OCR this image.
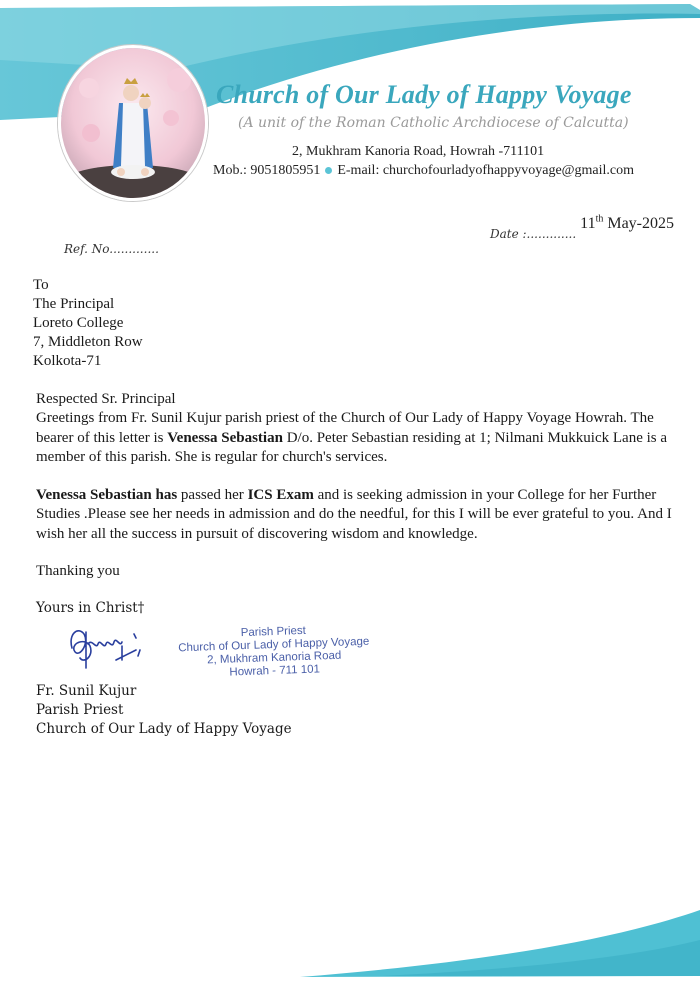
Church of Our Lady of Happy Voyage
(A unit of the Roman Catholic Archdiocese of Calcutta)
2, Mukhram Kanoria Road, Howrah -711101
Mob.: 9051805951 E-mail: churchofourladyofhappyvoyage@gmail.com
Ref. No.............
Date :.............
11th May-2025
To
The Principal
Loreto College
7, Middleton Row
Kolkota-71
Respected Sr. Principal
Greetings from Fr. Sunil Kujur parish priest of the Church of Our Lady of Happy Voyage Howrah. The bearer of this letter is Venessa Sebastian D/o. Peter Sebastian residing at 1; Nilmani Mukkuick Lane is a member of this parish. She is regular for church's services.
Venessa Sebastian has passed her ICS Exam and is seeking admission in your College for her Further Studies .Please see her needs in admission and do the needful, for this I will be ever grateful to you. And I wish her all the success in pursuit of discovering wisdom and knowledge.
Thanking you
Yours in Christ†
Parish Priest
Church of Our Lady of Happy Voyage
2, Mukhram Kanoria Road
Howrah - 711 101
Fr. Sunil Kujur
Parish Priest
Church of Our Lady of Happy Voyage
